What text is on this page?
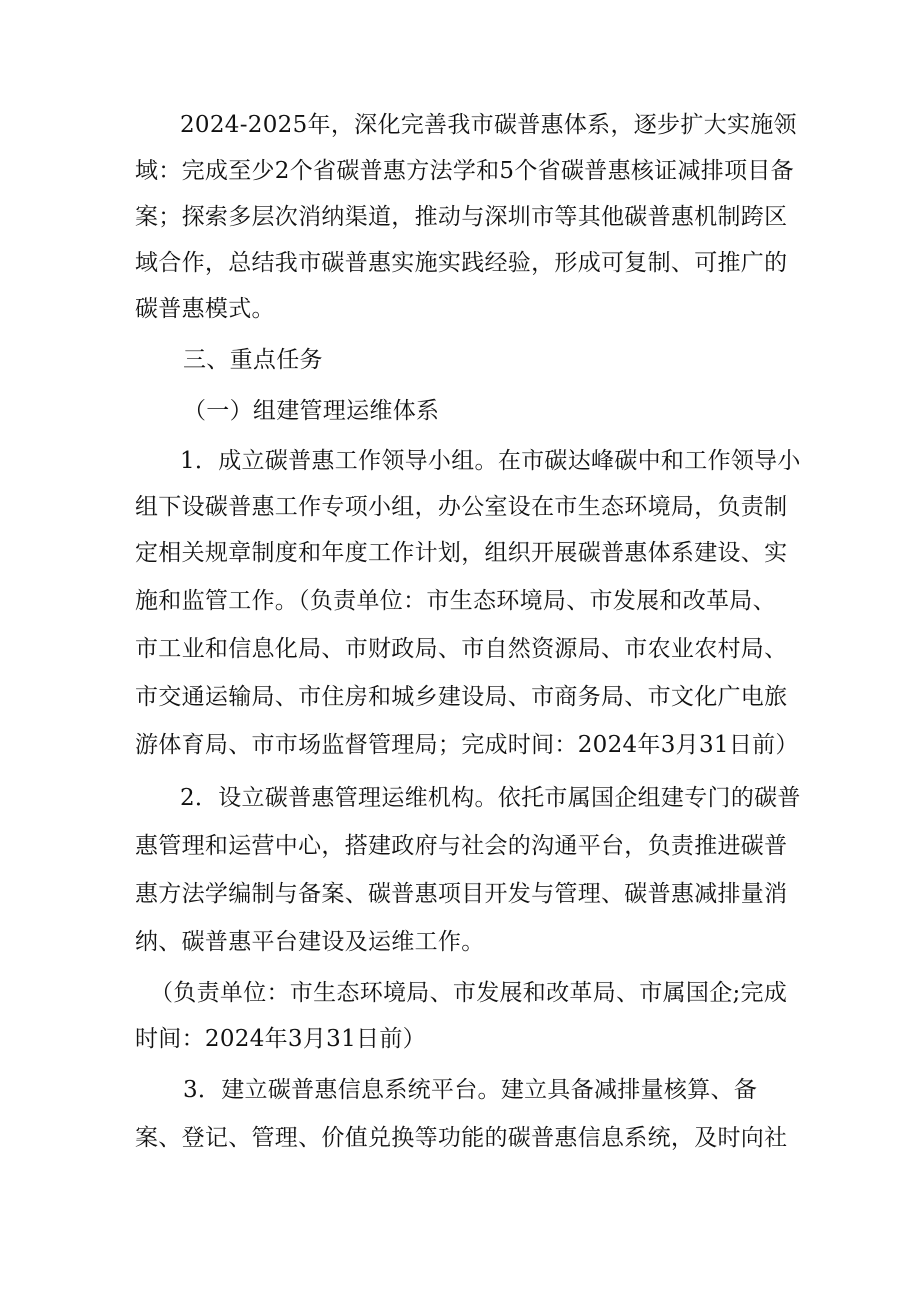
2024-2025年，深化完善我市碳普惠体系，逐步扩大实施领

域：完成至少2个省碳普惠方法学和5个省碳普惠核证减排项目备

案；探索多层次消纳渠道，推动与深圳市等其他碳普惠机制跨区

域合作，总结我市碳普惠实施实践经验，形成可复制、可推广的

碳普惠模式。

三、重点任务

（一）组建管理运维体系

1．成立碳普惠工作领导小组。在市碳达峰碳中和工作领导小

组下设碳普惠工作专项小组，办公室设在市生态环境局，负责制

定相关规章制度和年度工作计划，组织开展碳普惠体系建设、实

施和监管工作。（负责单位：市生态环境局、市发展和改革局、

市工业和信息化局、市财政局、市自然资源局、市农业农村局、

市交通运输局、市住房和城乡建设局、市商务局、市文化广电旅

游体育局、市市场监督管理局；完成时间：2024年3月31日前）

2．设立碳普惠管理运维机构。依托市属国企组建专门的碳普

惠管理和运营中心，搭建政府与社会的沟通平台，负责推进碳普

惠方法学编制与备案、碳普惠项目开发与管理、碳普惠减排量消

纳、碳普惠平台建设及运维工作。

（负责单位：市生态环境局、市发展和改革局、市属国企;完成

时间：2024年3月31日前）

3．建立碳普惠信息系统平台。建立具备减排量核算、备

案、登记、管理、价值兑换等功能的碳普惠信息系统，及时向社
